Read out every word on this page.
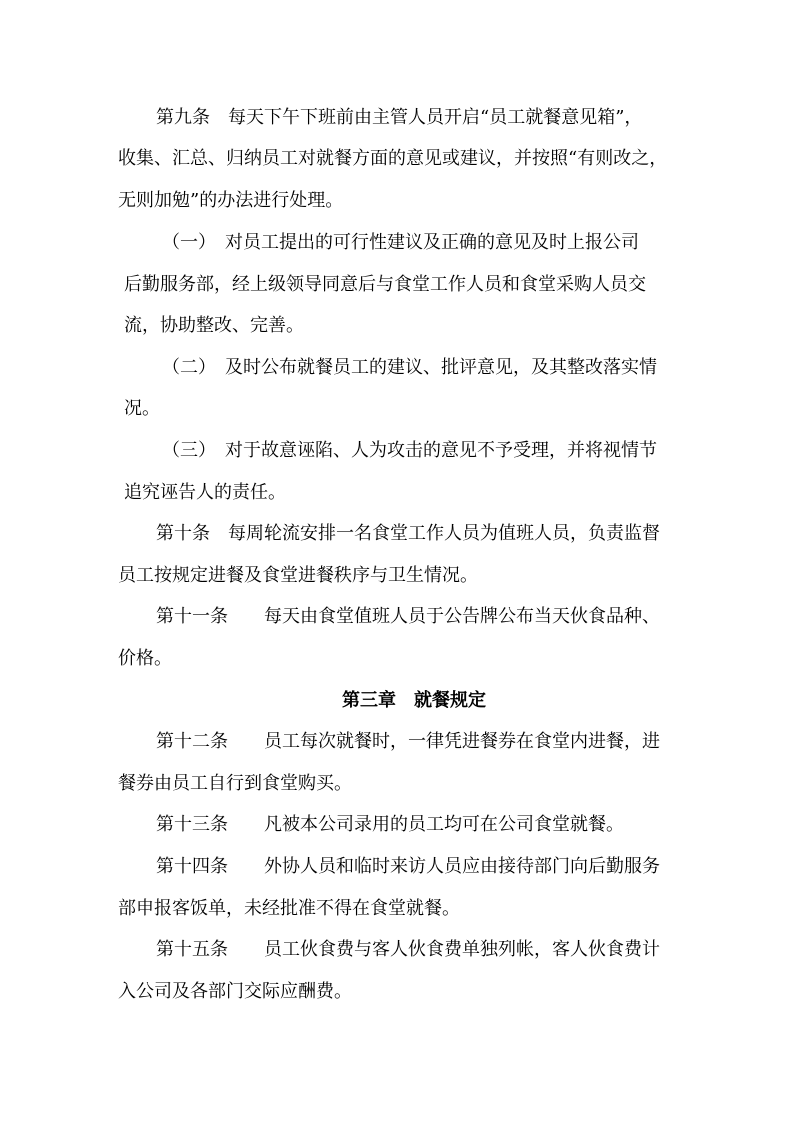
第九条　每天下午下班前由主管人员开启“员工就餐意见箱”，
收集、汇总、归纳员工对就餐方面的意见或建议，并按照“有则改之，
无则加勉”的办法进行处理。
（一）　对员工提出的可行性建议及正确的意见及时上报公司
后勤服务部，经上级领导同意后与食堂工作人员和食堂采购人员交
流，协助整改、完善。
（二）　及时公布就餐员工的建议、批评意见，及其整改落实情
况。
（三）　对于故意诬陷、人为攻击的意见不予受理，并将视情节
追究诬告人的责任。
第十条　每周轮流安排一名食堂工作人员为值班人员，负责监督
员工按规定进餐及食堂进餐秩序与卫生情况。
第十一条　　每天由食堂值班人员于公告牌公布当天伙食品种、
价格。
第三章　就餐规定
第十二条　　员工每次就餐时，一律凭进餐券在食堂内进餐，进
餐券由员工自行到食堂购买。
第十三条　　凡被本公司录用的员工均可在公司食堂就餐。
第十四条　　外协人员和临时来访人员应由接待部门向后勤服务
部申报客饭单，未经批准不得在食堂就餐。
第十五条　　员工伙食费与客人伙食费单独列帐，客人伙食费计
入公司及各部门交际应酬费。
